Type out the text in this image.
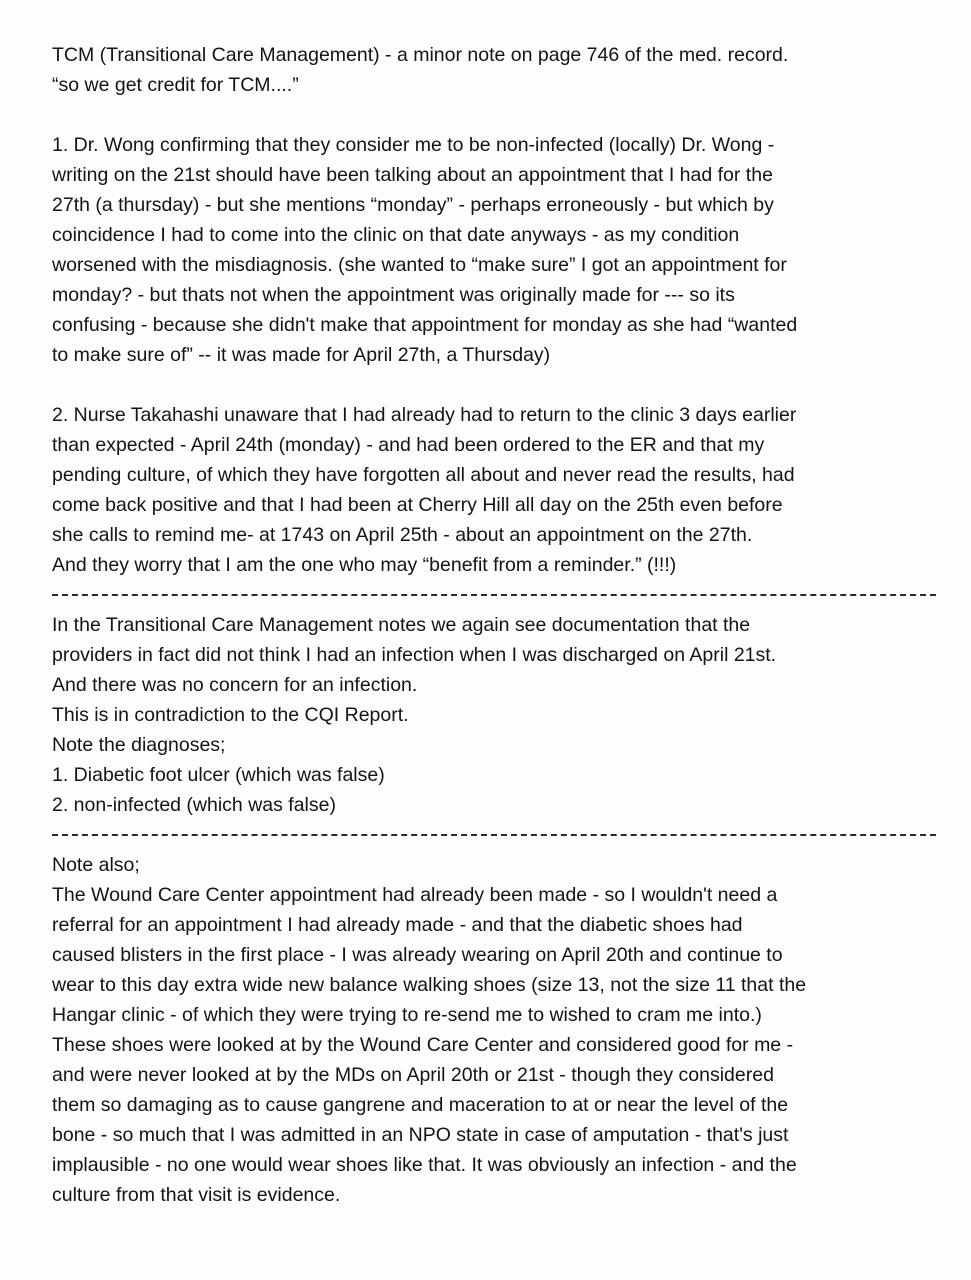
TCM (Transitional Care Management) - a minor note on page 746 of the med. record.
“so we get credit for TCM....”
1. Dr. Wong confirming that they consider me to be non-infected (locally) Dr. Wong -
writing on the 21st should have been talking about an appointment that I had for the
27th (a thursday) - but she mentions “monday” - perhaps erroneously - but which by
coincidence I had to come into the clinic on that date anyways - as my condition
worsened with the misdiagnosis. (she wanted to “make sure” I got an appointment for
monday? - but thats not when the appointment was originally made for --- so its
confusing - because she didn't make that appointment for monday as she had “wanted
to make sure of” -- it was made for April 27th, a Thursday)
2. Nurse Takahashi unaware that I had already had to return to the clinic 3 days earlier
than expected - April 24th (monday) - and had been ordered to the ER and that my
pending culture, of which they have forgotten all about and never read the results, had
come back positive and that I had been at Cherry Hill all day on the 25th even before
she calls to remind me- at 1743 on April 25th - about an appointment on the 27th.
And they worry that I am the one who may “benefit from a reminder.” (!!!)
In the Transitional Care Management notes we again see documentation that the
providers in fact did not think I had an infection when I was discharged on April 21st.
And there was no concern for an infection.
This is in contradiction to the CQI Report.
Note the diagnoses;
1. Diabetic foot ulcer (which was false)
2. non-infected (which was false)
Note also;
The Wound Care Center appointment had already been made - so I wouldn't need a
referral for an appointment I had already made - and that the diabetic shoes had
caused blisters in the first place - I was already wearing on April 20th and continue to
wear to this day extra wide new balance walking shoes (size 13, not the size 11 that the
Hangar clinic - of which they were trying to re-send me to wished to cram me into.)
These shoes were looked at by the Wound Care Center and considered good for me -
and were never looked at by the MDs on April 20th or 21st - though they considered
them so damaging as to cause gangrene and maceration to at or near the level of the
bone - so much that I was admitted in an NPO state in case of amputation - that's just
implausible - no one would wear shoes like that. It was obviously an infection - and the
culture from that visit is evidence.
